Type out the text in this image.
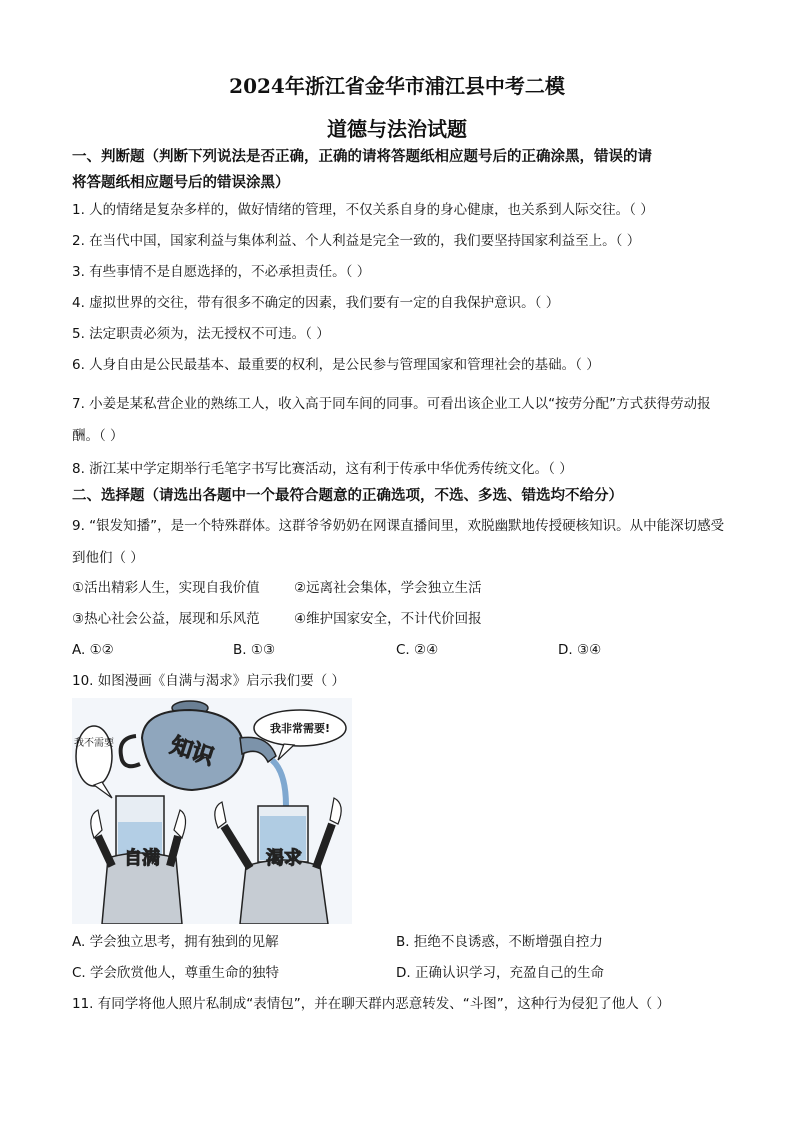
2024年浙江省金华市浦江县中考二模
道德与法治试题
一、判断题（判断下列说法是否正确，正确的请将答题纸相应题号后的正确涂黑，错误的请
将答题纸相应题号后的错误涂黑）
1. 人的情绪是复杂多样的，做好情绪的管理，不仅关系自身的身心健康，也关系到人际交往。（ ）
2. 在当代中国，国家利益与集体利益、个人利益是完全一致的，我们要坚持国家利益至上。（ ）
3. 有些事情不是自愿选择的，不必承担责任。（ ）
4. 虚拟世界的交往，带有很多不确定的因素，我们要有一定的自我保护意识。（ ）
5. 法定职责必须为，法无授权不可违。（ ）
6. 人身自由是公民最基本、最重要的权利，是公民参与管理国家和管理社会的基础。（ ）
7. 小姜是某私营企业的熟练工人，收入高于同车间的同事。可看出该企业工人以“按劳分配”方式获得劳动报酬。（ ）
8. 浙江某中学定期举行毛笔字书写比赛活动，这有利于传承中华优秀传统文化。（ ）
二、选择题（请选出各题中一个最符合题意的正确选项，不选、多选、错选均不给分）
9. “银发知播”，是一个特殊群体。这群爷爷奶奶在网课直播间里，欢脱幽默地传授硬核知识。从中能深切感受到他们（ ）
①活出精彩人生，实现自我价值	②远离社会集体，学会独立生活
③热心社会公益，展现和乐风范	④维护国家安全，不计代价回报
A. ①②	B. ①③	C. ②④	D. ③④
10. 如图漫画《自满与渴求》启示我们要（ ）
我不需要
我非常需要!
知识
自满	渴求
A. 学会独立思考，拥有独到的见解	B. 拒绝不良诱惑，不断增强自控力
C. 学会欣赏他人，尊重生命的独特	D. 正确认识学习，充盈自己的生命
11. 有同学将他人照片私制成“表情包”，并在聊天群内恶意转发、“斗图”，这种行为侵犯了他人（ ）
